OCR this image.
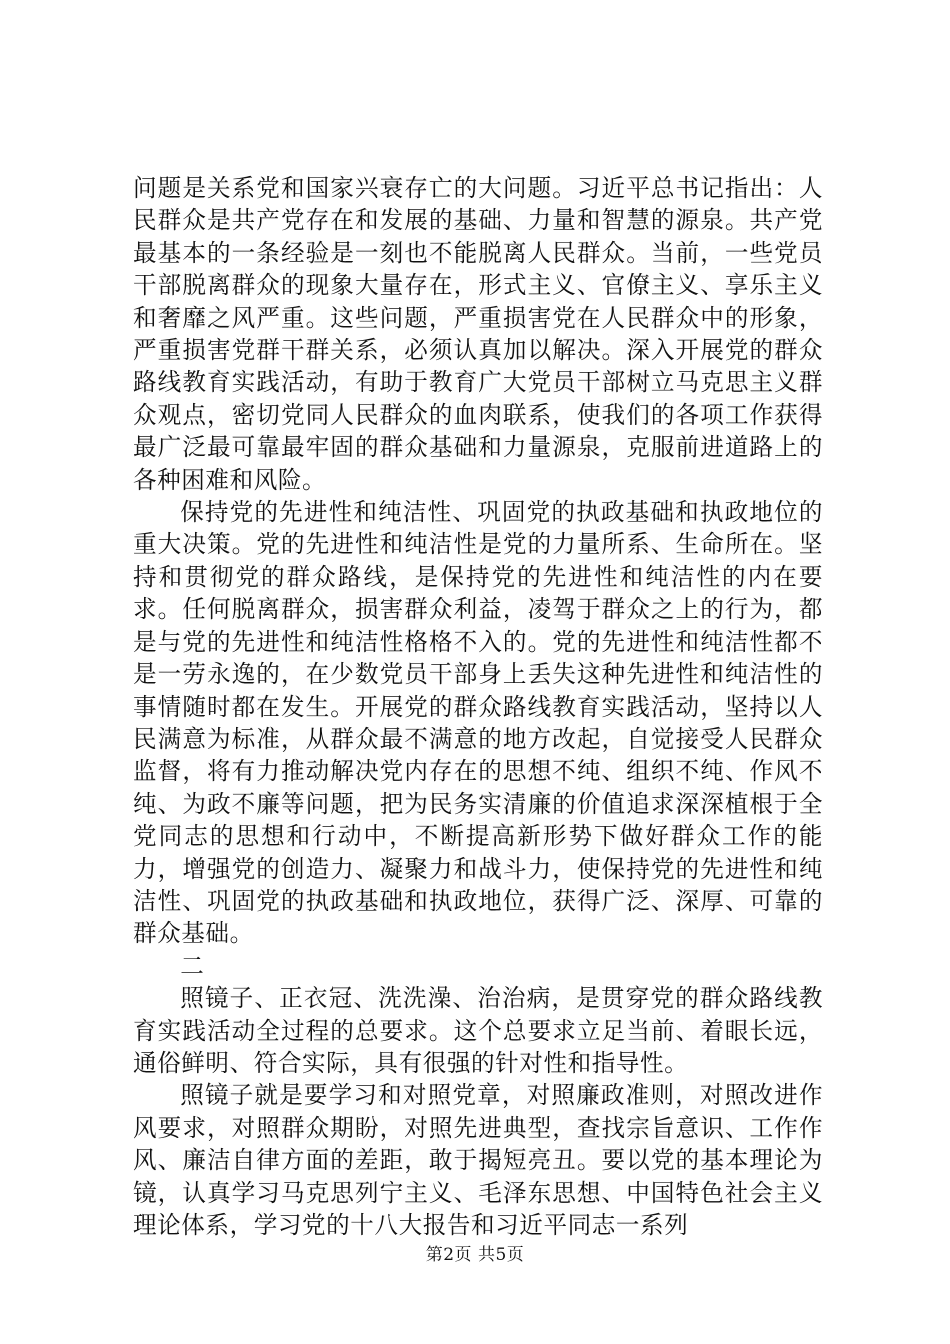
问题是关系党和国家兴衰存亡的大问题。习近平总书记指出：人民群众是共产党存在和发展的基础、力量和智慧的源泉。共产党最基本的一条经验是一刻也不能脱离人民群众。当前，一些党员干部脱离群众的现象大量存在，形式主义、官僚主义、享乐主义和奢靡之风严重。这些问题，严重损害党在人民群众中的形象，严重损害党群干群关系，必须认真加以解决。深入开展党的群众路线教育实践活动，有助于教育广大党员干部树立马克思主义群众观点，密切党同人民群众的血肉联系，使我们的各项工作获得最广泛最可靠最牢固的群众基础和力量源泉，克服前进道路上的各种困难和风险。

保持党的先进性和纯洁性、巩固党的执政基础和执政地位的重大决策。党的先进性和纯洁性是党的力量所系、生命所在。坚持和贯彻党的群众路线，是保持党的先进性和纯洁性的内在要求。任何脱离群众，损害群众利益，凌驾于群众之上的行为，都是与党的先进性和纯洁性格格不入的。党的先进性和纯洁性都不是一劳永逸的，在少数党员干部身上丢失这种先进性和纯洁性的事情随时都在发生。开展党的群众路线教育实践活动，坚持以人民满意为标准，从群众最不满意的地方改起，自觉接受人民群众监督，将有力推动解决党内存在的思想不纯、组织不纯、作风不纯、为政不廉等问题，把为民务实清廉的价值追求深深植根于全党同志的思想和行动中，不断提高新形势下做好群众工作的能力，增强党的创造力、凝聚力和战斗力，使保持党的先进性和纯洁性、巩固党的执政基础和执政地位，获得广泛、深厚、可靠的群众基础。

二

照镜子、正衣冠、洗洗澡、治治病，是贯穿党的群众路线教育实践活动全过程的总要求。这个总要求立足当前、着眼长远，通俗鲜明、符合实际，具有很强的针对性和指导性。

照镜子就是要学习和对照党章，对照廉政准则，对照改进作风要求，对照群众期盼，对照先进典型，查找宗旨意识、工作作风、廉洁自律方面的差距，敢于揭短亮丑。要以党的基本理论为镜，认真学习马克思列宁主义、毛泽东思想、中国特色社会主义理论体系，学习党的十八大报告和习近平同志一系列

第2页 共5页
